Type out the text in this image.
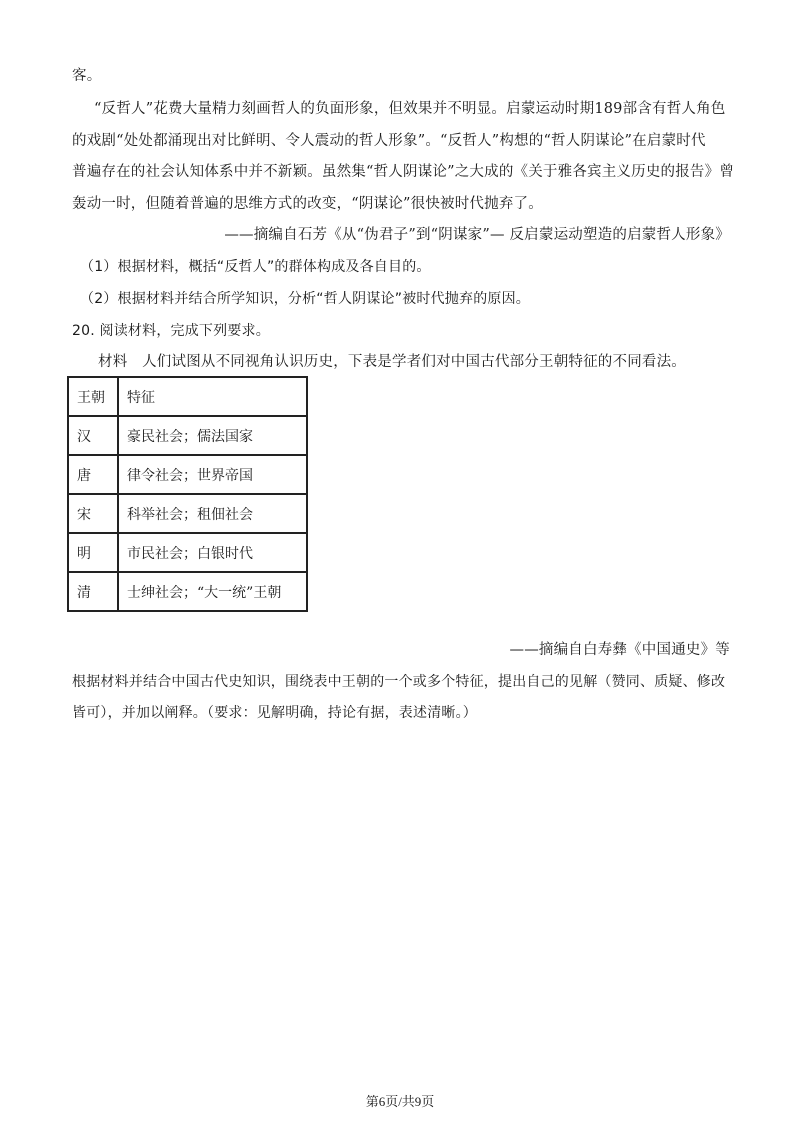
客。
“反哲人”花费大量精力刻画哲人的负面形象，但效果并不明显。启蒙运动时期189部含有哲人角色
的戏剧“处处都涌现出对比鲜明、令人震动的哲人形象”。“反哲人”构想的“哲人阴谋论”在启蒙时代
普遍存在的社会认知体系中并不新颖。虽然集“哲人阴谋论”之大成的《关于雅各宾主义历史的报告》曾
轰动一时，但随着普遍的思维方式的改变，“阴谋论”很快被时代抛弃了。
——摘编自石芳《从“伪君子”到“阴谋家”— 反启蒙运动塑造的启蒙哲人形象》
（1）根据材料，概括“反哲人”的群体构成及各自目的。
（2）根据材料并结合所学知识，分析“哲人阴谋论”被时代抛弃的原因。
20. 阅读材料，完成下列要求。
材料　人们试图从不同视角认识历史，下表是学者们对中国古代部分王朝特征的不同看法。
王朝	特征
汉	豪民社会；儒法国家
唐	律令社会；世界帝国
宋	科举社会；租佃社会
明	市民社会；白银时代
清	士绅社会；“大一统”王朝
——摘编自白寿彝《中国通史》等
根据材料并结合中国古代史知识，围绕表中王朝的一个或多个特征，提出自己的见解（赞同、质疑、修改
皆可），并加以阐释。（要求：见解明确，持论有据，表述清晰。）
第6页/共9页
